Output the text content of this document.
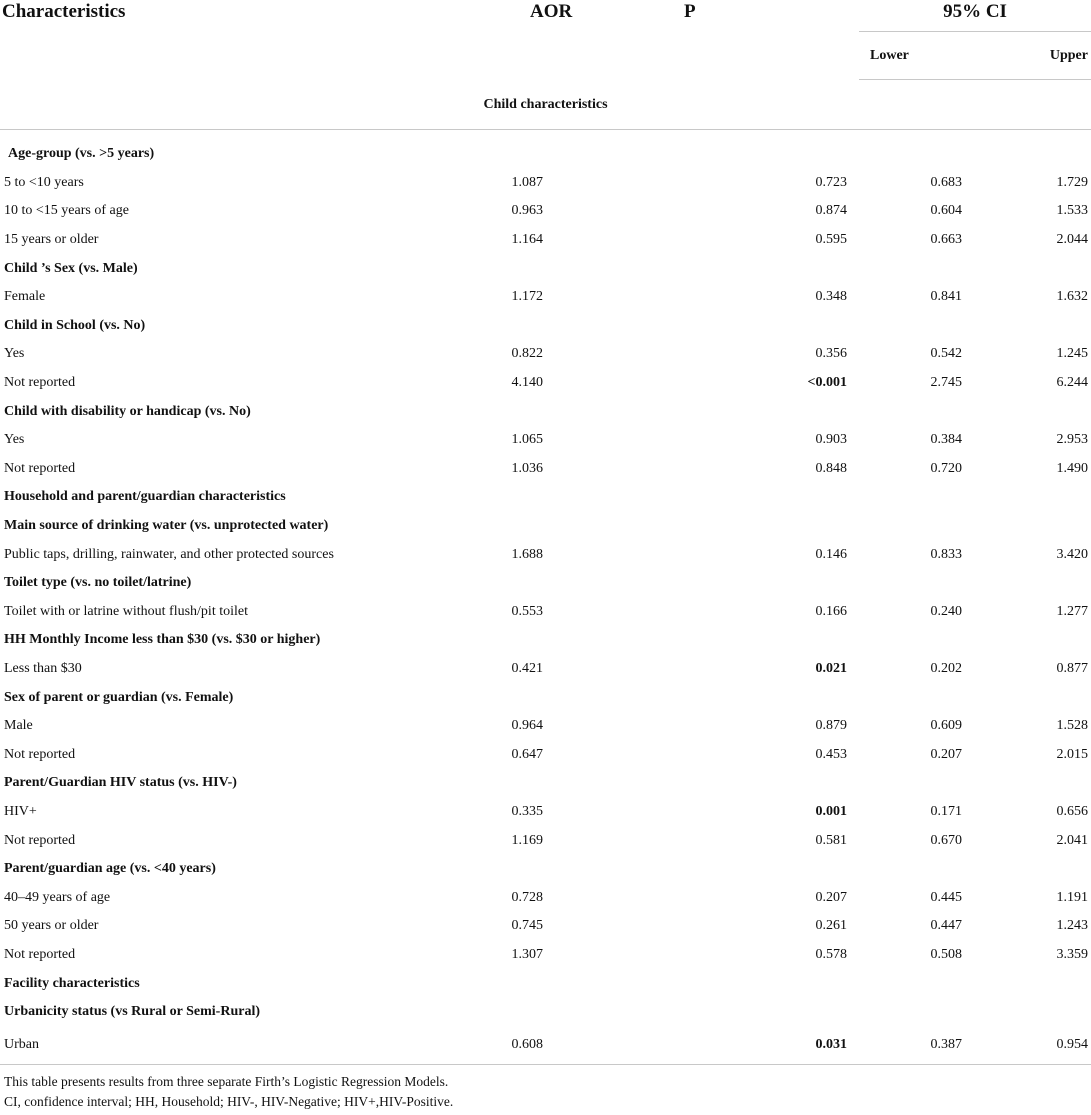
Characteristics	AOR	P	95% CI	
			Lower	Upper
Child characteristics				
Age-group (vs. >5 years)				
5 to <10 years	1.087	0.723	0.683	1.729
10 to <15 years of age	0.963	0.874	0.604	1.533
15 years or older	1.164	0.595	0.663	2.044
Child ’s Sex (vs. Male)				
Female	1.172	0.348	0.841	1.632
Child in School (vs. No)				
Yes	0.822	0.356	0.542	1.245
Not reported	4.140	<0.001	2.745	6.244
Child with disability or handicap (vs. No)				
Yes	1.065	0.903	0.384	2.953
Not reported	1.036	0.848	0.720	1.490
Household and parent/guardian characteristics				
Main source of drinking water (vs. unprotected water)				
Public taps, drilling, rainwater, and other protected sources	1.688	0.146	0.833	3.420
Toilet type (vs. no toilet/latrine)				
Toilet with or latrine without flush/pit toilet	0.553	0.166	0.240	1.277
HH Monthly Income less than $30 (vs. $30 or higher)				
Less than $30	0.421	0.021	0.202	0.877
Sex of parent or guardian (vs. Female)				
Male	0.964	0.879	0.609	1.528
Not reported	0.647	0.453	0.207	2.015
Parent/Guardian HIV status (vs. HIV-)				
HIV+	0.335	0.001	0.171	0.656
Not reported	1.169	0.581	0.670	2.041
Parent/guardian age (vs. <40 years)				
40–49 years of age	0.728	0.207	0.445	1.191
50 years or older	0.745	0.261	0.447	1.243
Not reported	1.307	0.578	0.508	3.359
Facility characteristics				
Urbanicity status (vs Rural or Semi-Rural)				
Urban	0.608	0.031	0.387	0.954
This table presents results from three separate Firth’s Logistic Regression Models.
CI, confidence interval; HH, Household; HIV-, HIV-Negative; HIV+,HIV-Positive.
